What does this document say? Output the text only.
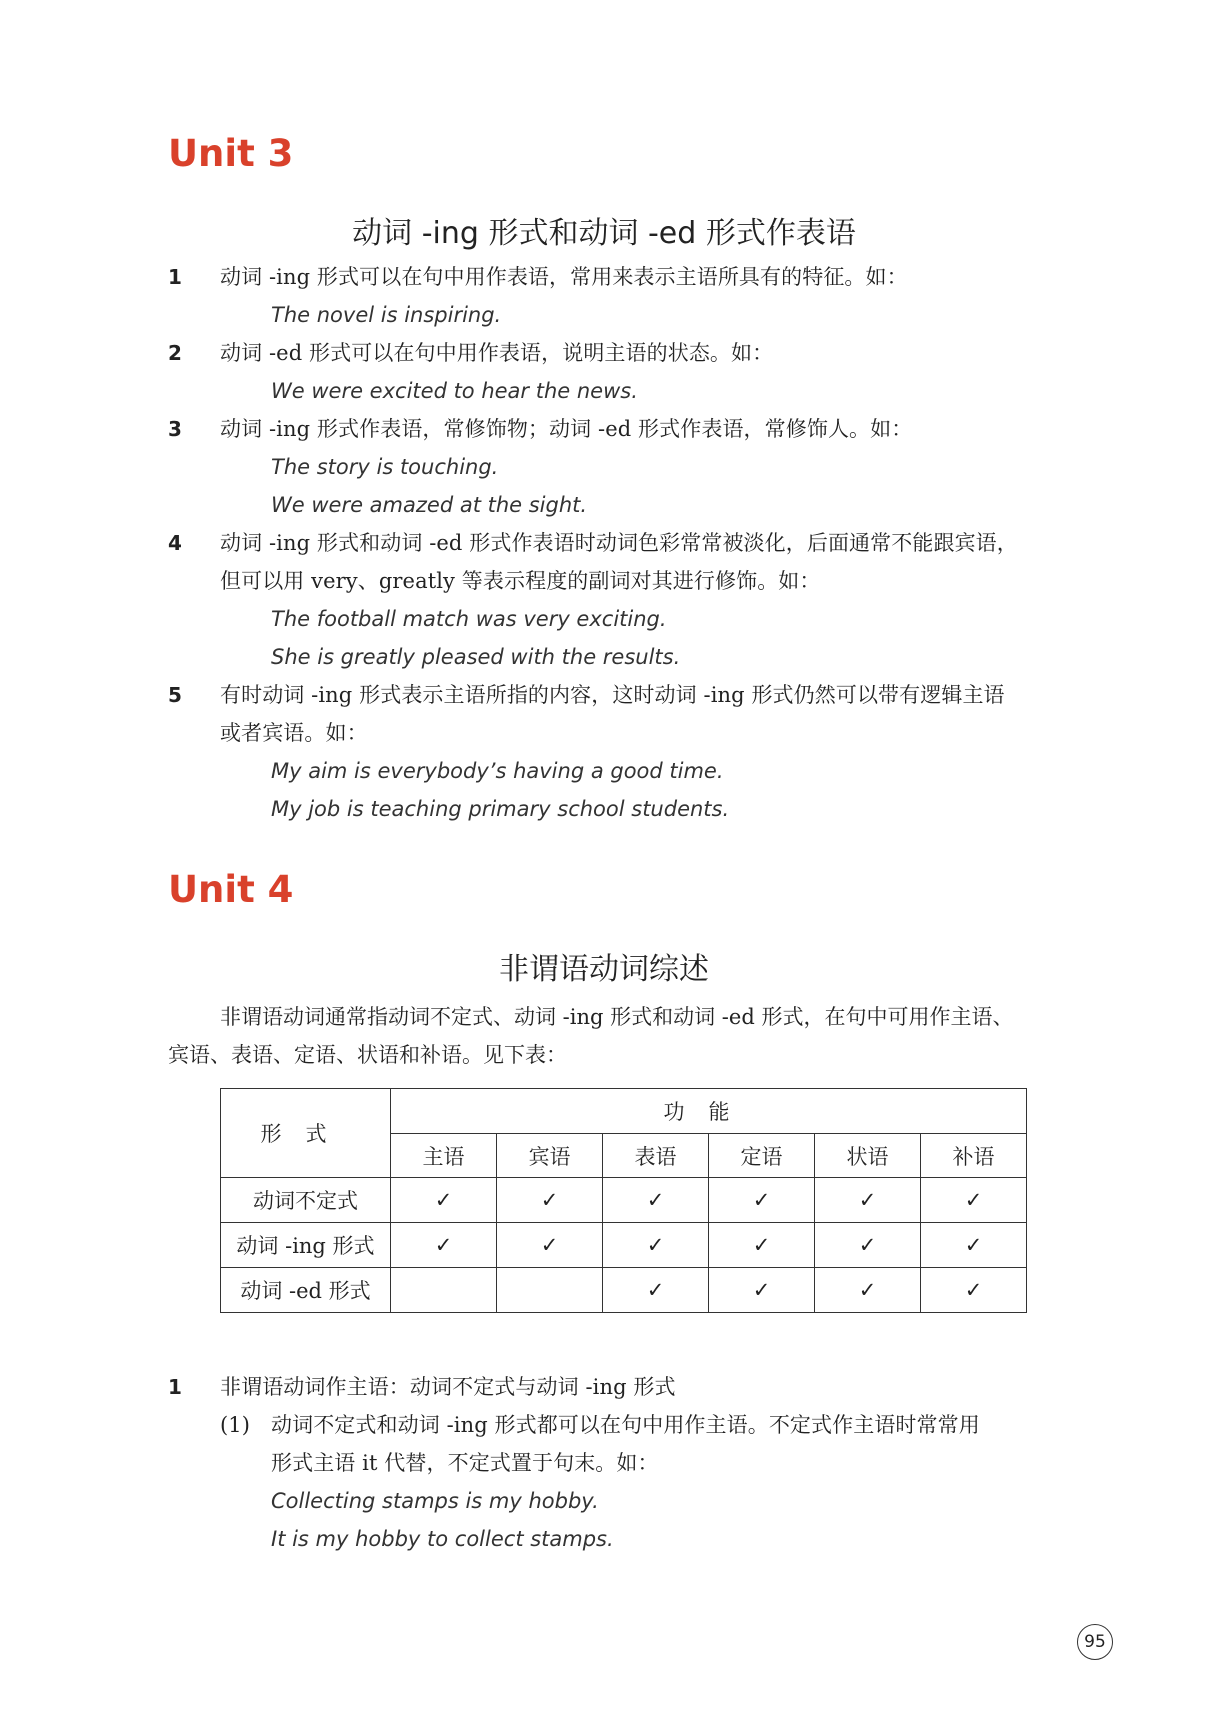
Unit 3
动词 -ing 形式和动词 -ed 形式作表语
1 动词 -ing 形式可以在句中用作表语，常用来表示主语所具有的特征。如：
The novel is inspiring.
2 动词 -ed 形式可以在句中用作表语，说明主语的状态。如：
We were excited to hear the news.
3 动词 -ing 形式作表语，常修饰物；动词 -ed 形式作表语，常修饰人。如：
The story is touching.
We were amazed at the sight.
4 动词 -ing 形式和动词 -ed 形式作表语时动词色彩常常被淡化，后面通常不能跟宾语，
但可以用 very、greatly 等表示程度的副词对其进行修饰。如：
The football match was very exciting.
She is greatly pleased with the results.
5 有时动词 -ing 形式表示主语所指的内容，这时动词 -ing 形式仍然可以带有逻辑主语
或者宾语。如：
My aim is everybody’s having a good time.
My job is teaching primary school students.
Unit 4
非谓语动词综述
非谓语动词通常指动词不定式、动词 -ing 形式和动词 -ed 形式，在句中可用作主语、
宾语、表语、定语、状语和补语。见下表：
形式	功能					
	主语	宾语	表语	定语	状语	补语
动词不定式	✓	✓	✓	✓	✓	✓
动词 -ing 形式	✓	✓	✓	✓	✓	✓
动词 -ed 形式			✓	✓	✓	✓
1 非谓语动词作主语：动词不定式与动词 -ing 形式
(1) 动词不定式和动词 -ing 形式都可以在句中用作主语。不定式作主语时常常用
形式主语 it 代替，不定式置于句末。如：
Collecting stamps is my hobby.
It is my hobby to collect stamps.
95
